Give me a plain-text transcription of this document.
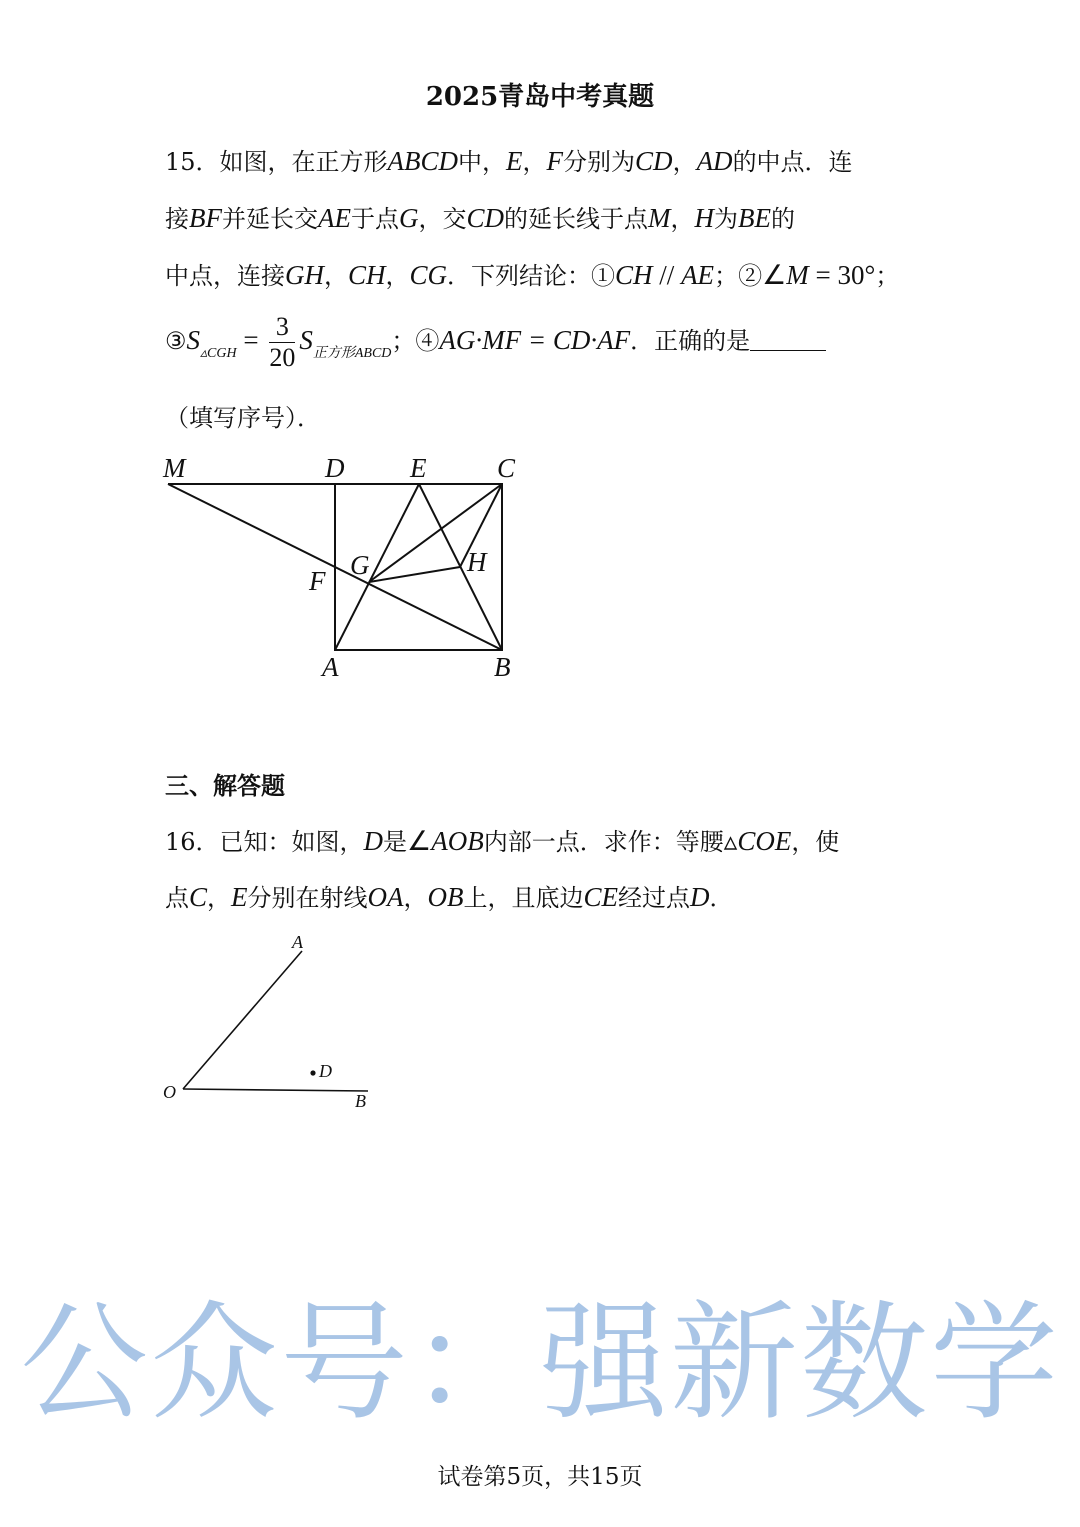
2025青岛中考真题
15．如图，在正方形ABCD中，E，F分别为CD，AD的中点．连
接BF并延长交AE于点G，交CD的延长线于点M，H为BE的
中点，连接GH，CH，CG．下列结论：①CH // AE；②∠M = 30°；
$③S_{▵CGH} = \frac{3}{20} S_{正方形ABCD}$；④AG·MF = CD·AF．正确的是
（填写序号）．
M	D E	C
G	H
F
A	B
三、解答题
16．已知：如图，D是∠AOB内部一点．求作：等腰▵COE，使
点C，E分别在射线OA，OB上，且底边CE经过点D．
A
D
O	B
公众号：强新数学
试卷第5页，共15页
